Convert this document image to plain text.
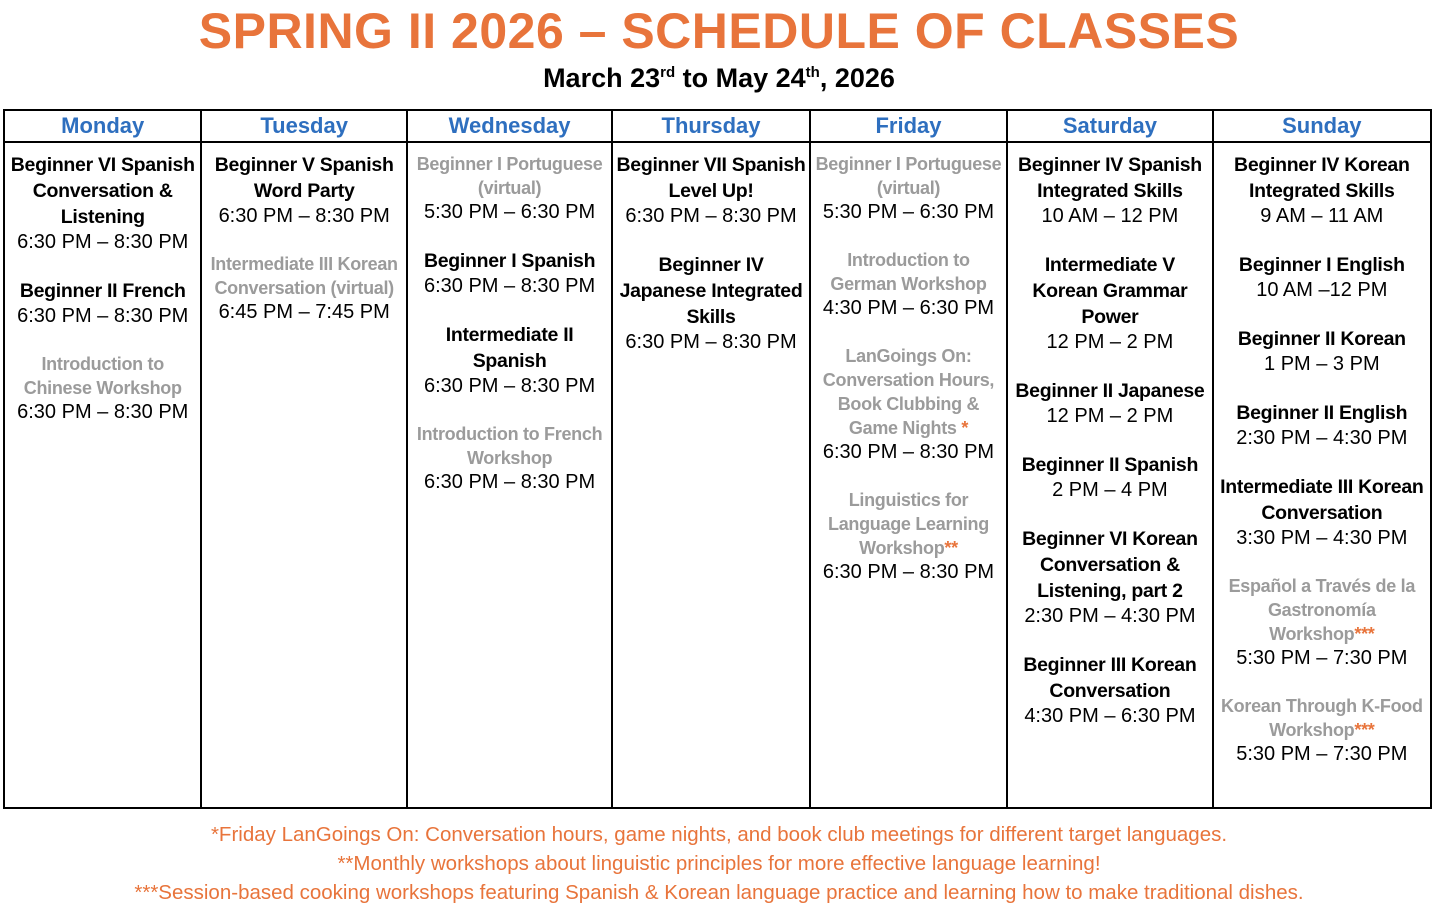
SPRING II 2026 – SCHEDULE OF CLASSES
March 23rd to May 24th, 2026
Monday
Beginner VI Spanish Conversation & Listening
6:30 PM – 8:30 PM
Beginner II French
6:30 PM – 8:30 PM
Introduction to Chinese Workshop
6:30 PM – 8:30 PM
Tuesday
Beginner V Spanish Word Party
6:30 PM – 8:30 PM
Intermediate III Korean Conversation (virtual)
6:45 PM – 7:45 PM
Wednesday
Beginner I Portuguese (virtual)
5:30 PM – 6:30 PM
Beginner I Spanish
6:30 PM – 8:30 PM
Intermediate II Spanish
6:30 PM – 8:30 PM
Introduction to French Workshop
6:30 PM – 8:30 PM
Thursday
Beginner VII Spanish Level Up!
6:30 PM – 8:30 PM
Beginner IV Japanese Integrated Skills
6:30 PM – 8:30 PM
Friday
Beginner I Portuguese (virtual)
5:30 PM – 6:30 PM
Introduction to German Workshop
4:30 PM – 6:30 PM
LanGoings On: Conversation Hours, Book Clubbing & Game Nights *
6:30 PM – 8:30 PM
Linguistics for Language Learning Workshop**
6:30 PM – 8:30 PM
Saturday
Beginner IV Spanish Integrated Skills
10 AM – 12 PM
Intermediate V Korean Grammar Power
12 PM – 2 PM
Beginner II Japanese
12 PM – 2 PM
Beginner II Spanish
2 PM – 4 PM
Beginner VI Korean Conversation & Listening, part 2
2:30 PM – 4:30 PM
Beginner III Korean Conversation
4:30 PM – 6:30 PM
Sunday
Beginner IV Korean Integrated Skills
9 AM – 11 AM
Beginner I English
10 AM –12 PM
Beginner II Korean
1 PM – 3 PM
Beginner II English
2:30 PM – 4:30 PM
Intermediate III Korean Conversation
3:30 PM – 4:30 PM
Español a Través de la Gastronomía Workshop***
5:30 PM – 7:30 PM
Korean Through K-Food Workshop***
5:30 PM – 7:30 PM
*Friday LanGoings On: Conversation hours, game nights, and book club meetings for different target languages.
**Monthly workshops about linguistic principles for more effective language learning!
***Session-based cooking workshops featuring Spanish & Korean language practice and learning how to make traditional dishes.
